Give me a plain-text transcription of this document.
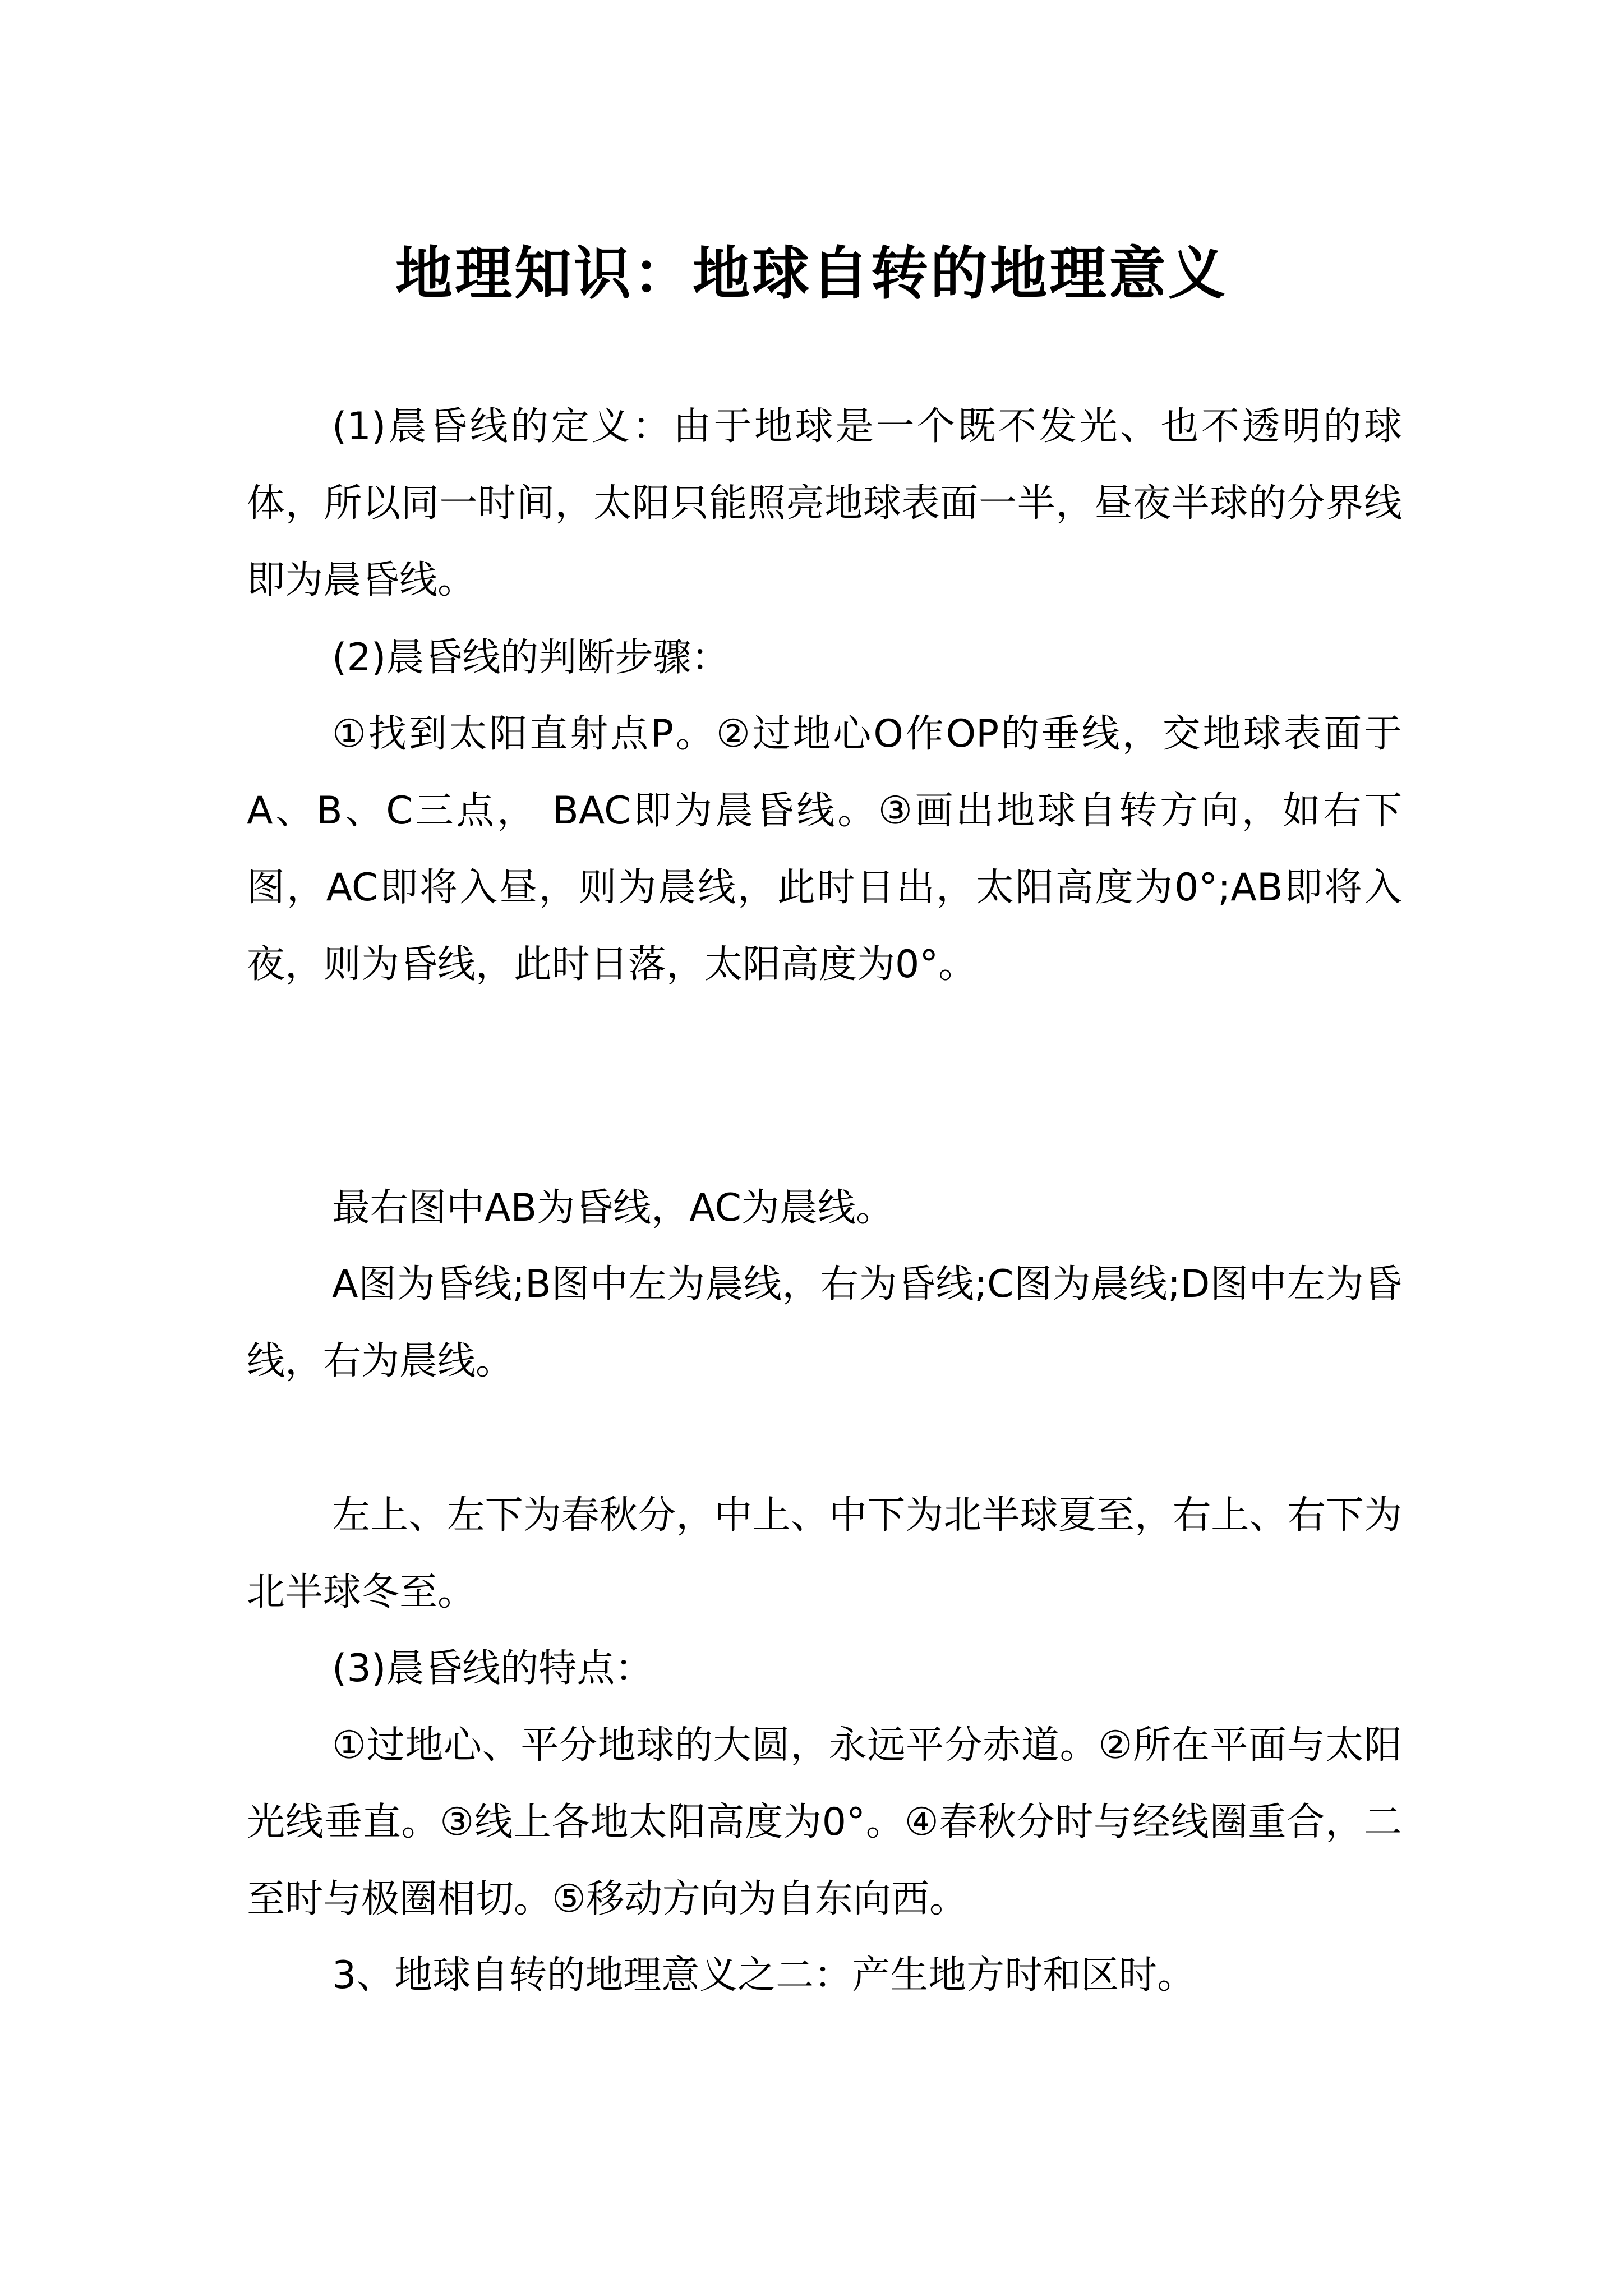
地理知识：地球自转的地理意义

(1)晨昏线的定义：由于地球是一个既不发光、也不透明的球体，所以同一时间，太阳只能照亮地球表面一半，昼夜半球的分界线即为晨昏线。

(2)晨昏线的判断步骤：

①找到太阳直射点P。②过地心O作OP的垂线，交地球表面于A、B、C三点， BAC即为晨昏线。③画出地球自转方向，如右下图，AC即将入昼，则为晨线，此时日出，太阳高度为0°;AB即将入夜，则为昏线，此时日落，太阳高度为0°。

最右图中AB为昏线，AC为晨线。

A图为昏线;B图中左为晨线，右为昏线;C图为晨线;D图中左为昏线，右为晨线。

左上、左下为春秋分，中上、中下为北半球夏至，右上、右下为北半球冬至。

(3)晨昏线的特点：

①过地心、平分地球的大圆，永远平分赤道。②所在平面与太阳光线垂直。③线上各地太阳高度为0°。④春秋分时与经线圈重合，二至时与极圈相切。⑤移动方向为自东向西。

3、地球自转的地理意义之二：产生地方时和区时。
